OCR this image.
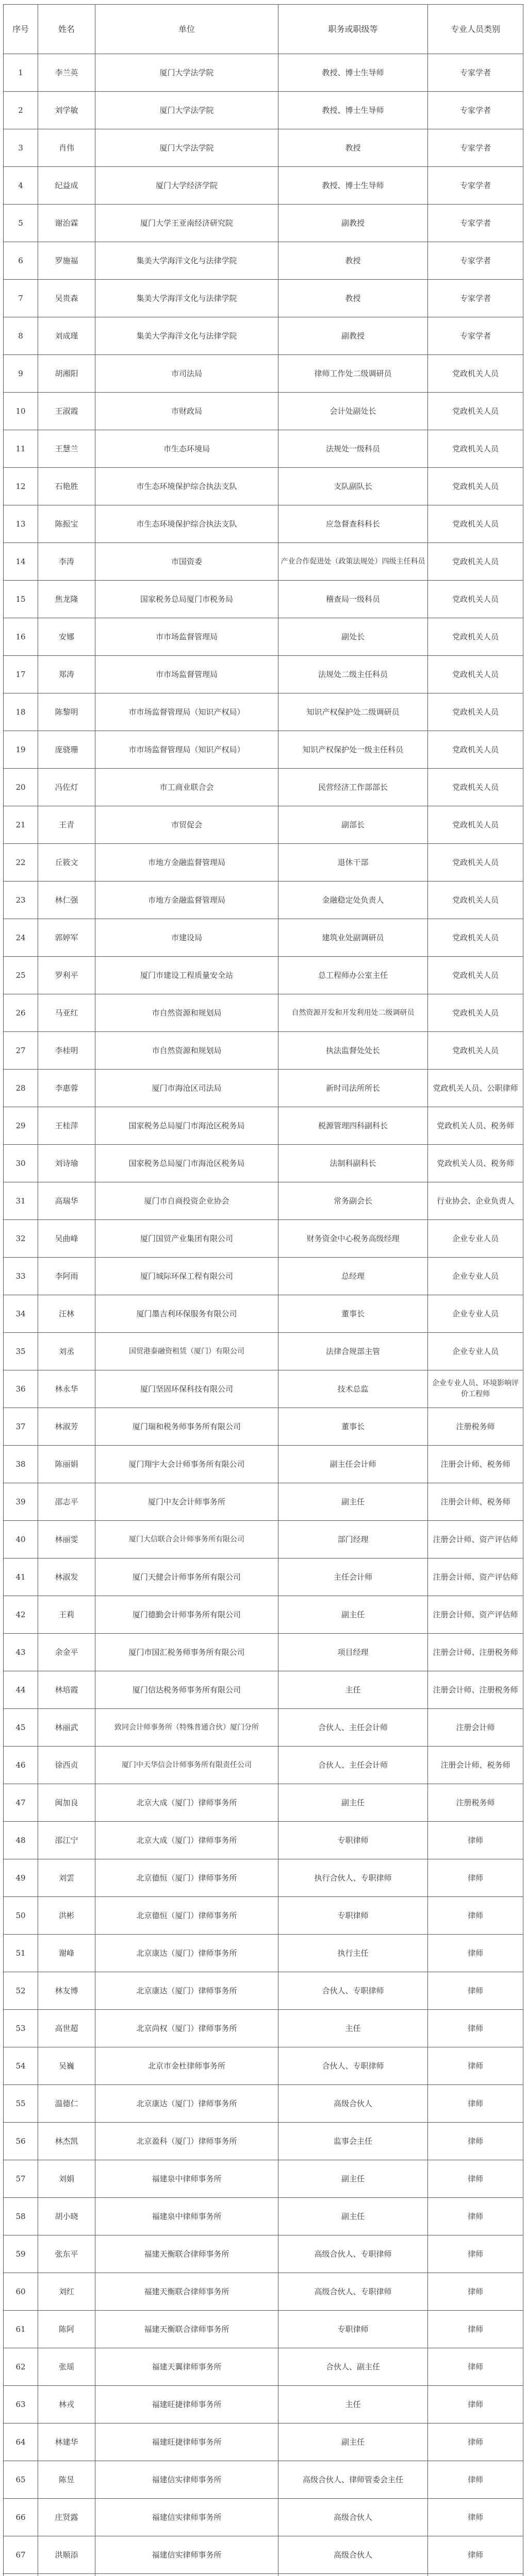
序号	姓名	单位	职务或职级等	专业人员类别
1	李兰英	厦门大学法学院	教授、博士生导师	专家学者
2	刘学敏	厦门大学法学院	教授、博士生导师	专家学者
3	肖伟	厦门大学法学院	教授	专家学者
4	纪益成	厦门大学经济学院	教授、博士生导师	专家学者
5	谢治霖	厦门大学王亚南经济研究院	副教授	专家学者
6	罗施福	集美大学海洋文化与法律学院	教授	专家学者
7	吴贵森	集美大学海洋文化与法律学院	教授	专家学者
8	刘成瑾	集美大学海洋文化与法律学院	副教授	专家学者
9	胡湘阳	市司法局	律师工作处二级调研员	党政机关人员
10	王淑霞	市财政局	会计处副处长	党政机关人员
11	王慧兰	市生态环境局	法规处一级科员	党政机关人员
12	石艳胜	市生态环境保护综合执法支队	支队副队长	党政机关人员
13	陈振宝	市生态环境保护综合执法支队	应急督查科科长	党政机关人员
14	李涛	市国资委	产业合作促进处（政策法规处）四级主任科员	党政机关人员
15	焦龙隆	国家税务总局厦门市税务局	稽查局一级科员	党政机关人员
16	安娜	市市场监督管理局	副处长	党政机关人员
17	郑涛	市市场监督管理局	法规处二级主任科员	党政机关人员
18	陈黎明	市市场监督管理局（知识产权局）	知识产权保护处二级调研员	党政机关人员
19	庞骁珊	市市场监督管理局（知识产权局）	知识产权保护处一级主任科员	党政机关人员
20	冯佐灯	市工商业联合会	民营经济工作部部长	党政机关人员
21	王青	市贸促会	副部长	党政机关人员
22	丘筱文	市地方金融监督管理局	退休干部	党政机关人员
23	林仁强	市地方金融监督管理局	金融稳定处负责人	党政机关人员
24	郭婷军	市建设局	建筑业处副调研员	党政机关人员
25	罗利平	厦门市建设工程质量安全站	总工程师办公室主任	党政机关人员
26	马亚红	市自然资源和规划局	自然资源开发和开发利用处二级调研员	党政机关人员
27	李桂明	市自然资源和规划局	执法监督处处长	党政机关人员
28	李惠蓉	厦门市海沧区司法局	新时司法所所长	党政机关人员、公职律师
29	王桂萍	国家税务总局厦门市海沧区税务局	税源管理四科副科长	党政机关人员、税务师
30	刘诗瑜	国家税务总局厦门市海沧区税务局	法制科副科长	党政机关人员、税务师
31	高瑞华	厦门市自商投资企业协会	常务副会长	行业协会、企业负责人
32	吴曲峰	厦门国贸产业集团有限公司	财务资金中心税务高级经理	企业专业人员
33	李阿雨	厦门城际环保工程有限公司	总经理	企业专业人员
34	汪林	厦门墨吉利环保服务有限公司	董事长	企业专业人员
35	刘丞	国贸港泰融资租赁（厦门）有限公司	法律合规部主管	企业专业人员
36	林永华	厦门坚固环保科技有限公司	技术总监	企业专业人员、环境影响评价工程师
37	林淑芳	厦门瑞和税务师事务所有限公司	董事长	注册税务师
38	陈丽娟	厦门翔宇大会计师事务所有限公司	副主任会计师	注册会计师、税务师
39	邵志平	厦门中友会计师事务所	副主任	注册会计师、税务师
40	林丽雯	厦门大信联合会计师事务所有限公司	部门经理	注册会计师、资产评估师
41	林淑发	厦门天健会计师事务所有限公司	主任会计师	注册会计师、资产评估师
42	王莉	厦门德勤会计师事务所有限公司	副主任	注册会计师、资产评估师
43	余金平	厦门市国汇税务师事务所有限公司	项目经理	注册会计师、注册税务师
44	林培霞	厦门信达税务师事务所有限公司	主任	注册会计师、注册税务师
45	林丽武	致同会计师事务所（特殊普通合伙）厦门分所	合伙人、主任会计师	注册会计师
46	徐西贞	厦门中天华信会计师事务所有限责任公司	合伙人、主任会计师	注册会计师、税务师
47	闽加良	北京大成（厦门）律师事务所	副主任	注册税务师
48	邵江宁	北京大成（厦门）律师事务所	专职律师	律师
49	刘雲	北京德恒（厦门）律师事务所	执行合伙人、专职律师	律师
50	洪彬	北京德恒（厦门）律师事务所	专职律师	律师
51	谢峰	北京康达（厦门）律师事务所	执行主任	律师
52	林友博	北京康达（厦门）律师事务所	合伙人、专职律师	律师
53	高世超	北京尚权（厦门）律师事务所	主任	律师
54	吴巍	北京市金杜律师事务所	合伙人、专职律师	律师
55	温德仁	北京康达（厦门）律师事务所	高级合伙人	律师
56	林杰凯	北京盈科（厦门）律师事务所	监事会主任	律师
57	刘娟	福建泉中律师事务所	副主任	律师
58	胡小晓	福建泉中律师事务所	副主任	律师
59	张东平	福建天衡联合律师事务所	高级合伙人、专职律师	律师
60	刘红	福建天衡联合律师事务所	高级合伙人、专职律师	律师
61	陈阿	福建天衡联合律师事务所	专职律师	律师
62	张瑶	福建天翼律师事务所	合伙人、副主任	律师
63	林戎	福建旺捷律师事务所	主任	律师
64	林建华	福建旺捷律师事务所	副主任	律师
65	陈昱	福建信实律师事务所	高级合伙人、律师管委会主任	律师
66	庄贤露	福建信实律师事务所	高级合伙人	律师
67	洪顺添	福建信实律师事务所	高级合伙人	律师
